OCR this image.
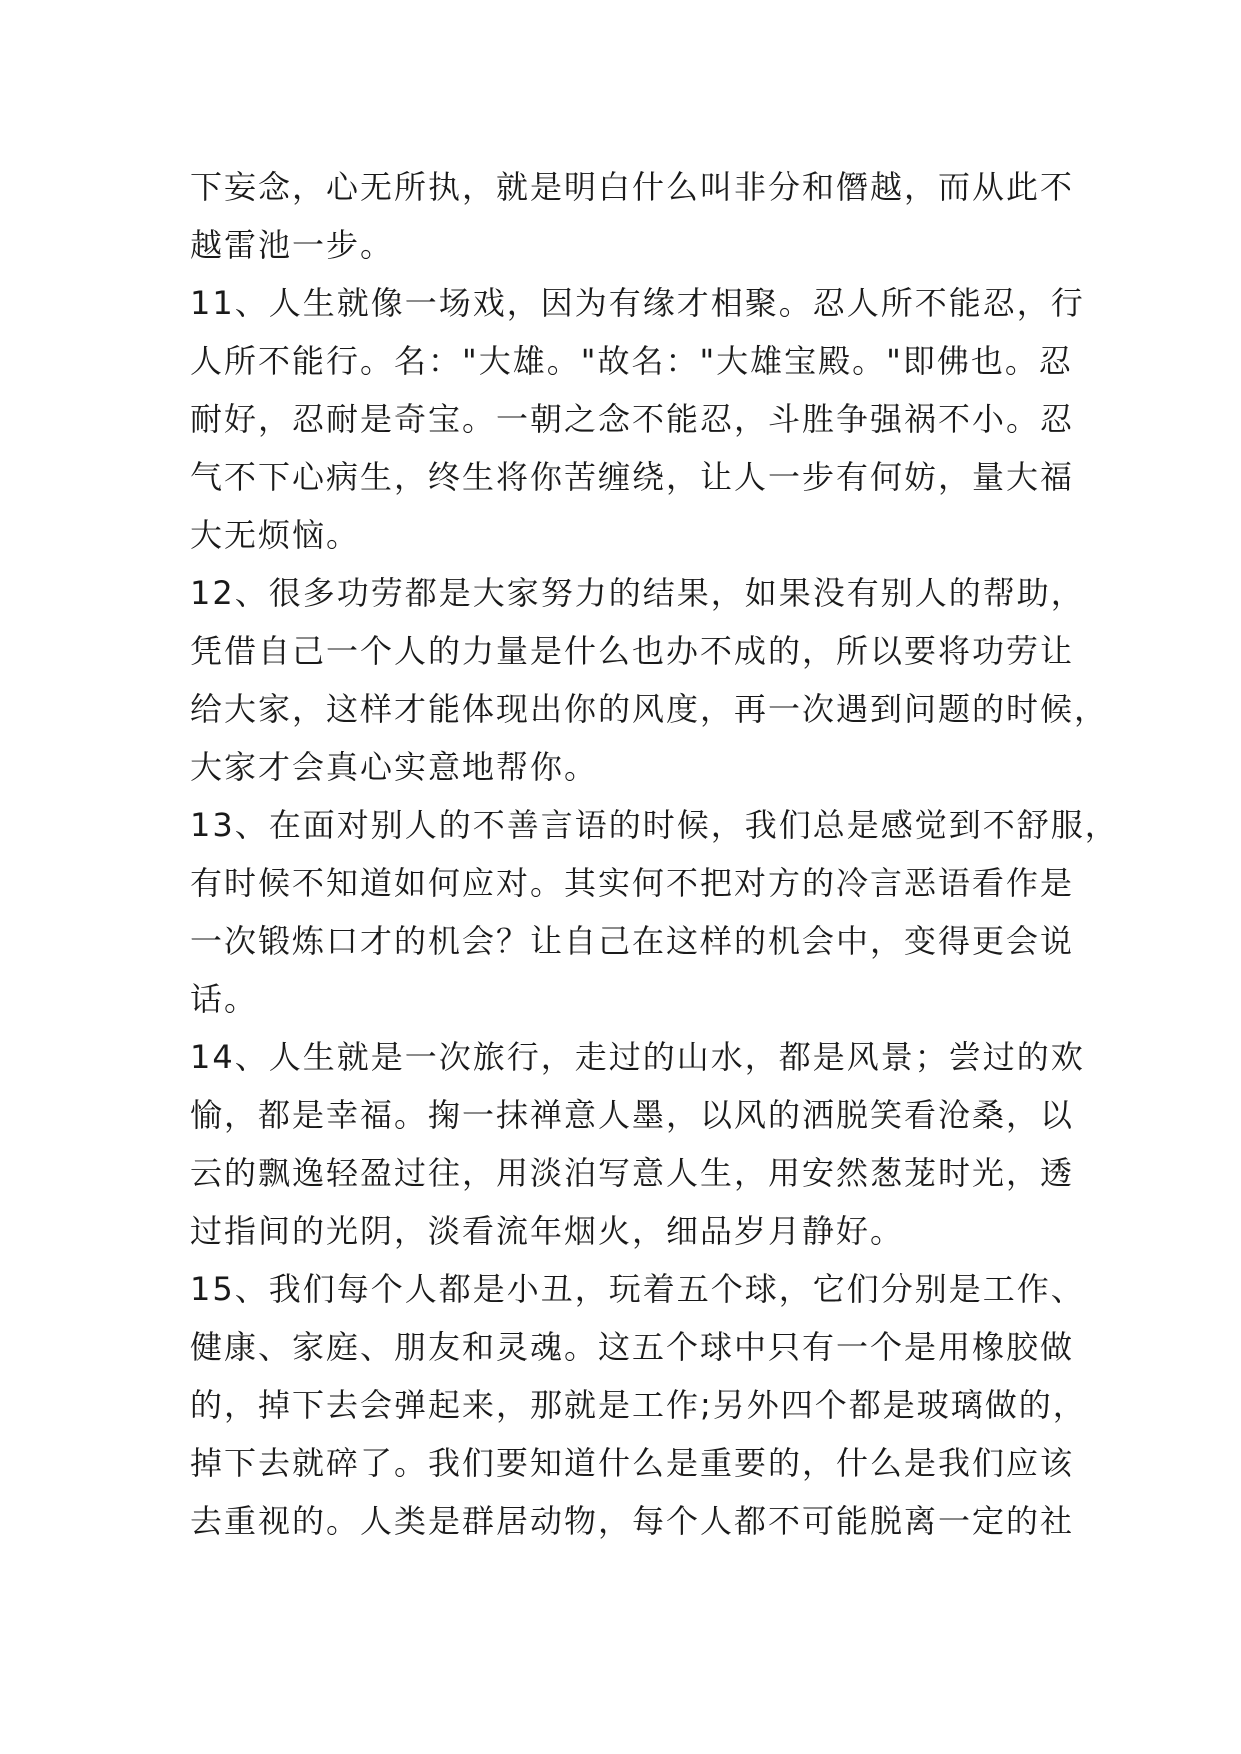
下妄念，心无所执，就是明白什么叫非分和僭越，而从此不
越雷池一步。
11、人生就像一场戏，因为有缘才相聚。忍人所不能忍，行
人所不能行。名："大雄。"故名："大雄宝殿。"即佛也。忍
耐好，忍耐是奇宝。一朝之念不能忍，斗胜争强祸不小。忍
气不下心病生，终生将你苦缠绕，让人一步有何妨，量大福
大无烦恼。
12、很多功劳都是大家努力的结果，如果没有别人的帮助，
凭借自己一个人的力量是什么也办不成的，所以要将功劳让
给大家，这样才能体现出你的风度，再一次遇到问题的时候，
大家才会真心实意地帮你。
13、在面对别人的不善言语的时候，我们总是感觉到不舒服，
有时候不知道如何应对。其实何不把对方的冷言恶语看作是
一次锻炼口才的机会？让自己在这样的机会中，变得更会说
话。
14、人生就是一次旅行，走过的山水，都是风景；尝过的欢
愉，都是幸福。掬一抹禅意人墨，以风的洒脱笑看沧桑，以
云的飘逸轻盈过往，用淡泊写意人生，用安然葱茏时光，透
过指间的光阴，淡看流年烟火，细品岁月静好。
15、我们每个人都是小丑，玩着五个球，它们分别是工作、
健康、家庭、朋友和灵魂。这五个球中只有一个是用橡胶做
的，掉下去会弹起来，那就是工作;另外四个都是玻璃做的，
掉下去就碎了。我们要知道什么是重要的，什么是我们应该
去重视的。人类是群居动物，每个人都不可能脱离一定的社
